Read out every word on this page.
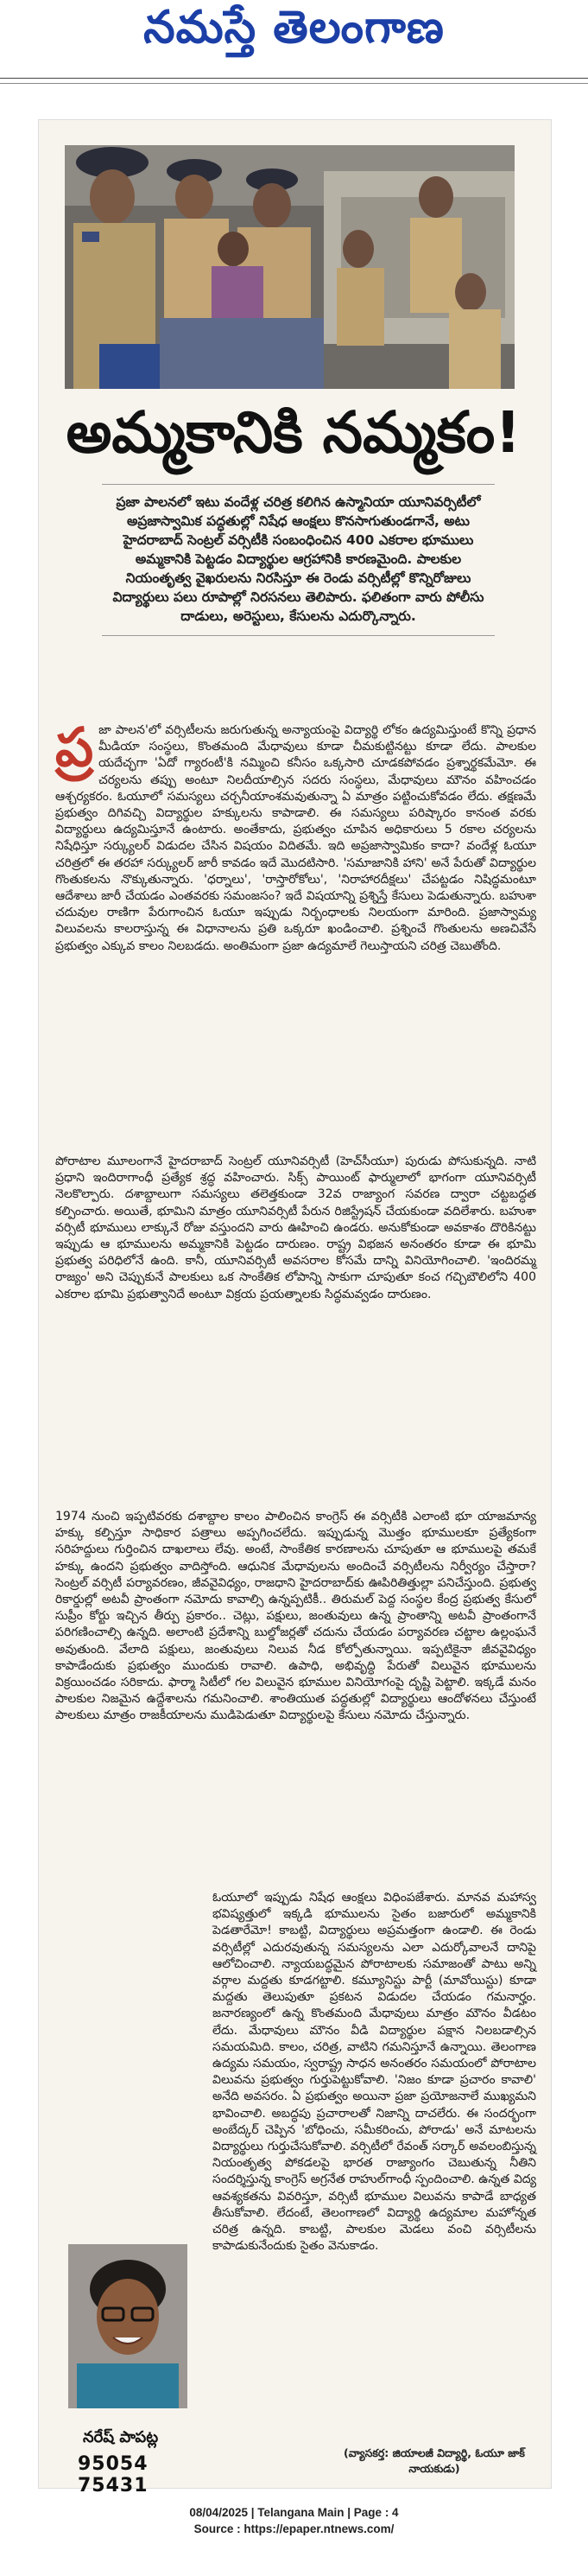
నమస్తే తెలంగాణ
అమ్మకానికి నమ్మకం!
ప్రజా పాలనలో ఇటు వందేళ్ల చరిత్ర కలిగిన ఉస్మానియా యూనివర్సిటీలో అప్రజాస్వామిక పద్ధతుల్లో నిషేధ ఆంక్షలు కొనసాగుతుండగానే, అటు హైదరాబాద్ సెంట్రల్ వర్సిటీకి సంబంధించిన 400 ఎకరాల భూములు అమ్మకానికి పెట్టడం విద్యార్థుల ఆగ్రహానికి కారణమైంది. పాలకుల నియంతృత్వ వైఖరులను నిరసిస్తూ ఈ రెండు వర్సిటీల్లో కొన్నిరోజులు విద్యార్థులు పలు రూపాల్లో నిరసనలు తెలిపారు. ఫలితంగా వారు పోలీసు దాడులు, అరెస్టులు, కేసులను ఎదుర్కొన్నారు.
ప్ర జా పాలన'లో వర్సిటీలను జరుగుతున్న అన్యాయంపై విద్యార్థి లోకం ఉద్యమిస్తుంటే కొన్ని ప్రధాన మీడియా సంస్థలు, కొంతమంది మేధావులు కూడా చీమకుట్టినట్టు కూడా లేదు. పాలకుల యదేచ్ఛగా 'ఏదో గ్యారంటీ'కి నమ్మించి కనీసం ఒక్కసారి చూడకపోవడం ప్రశ్నార్థకమేమో. ఈ చర్యలను తప్పు అంటూ నిలదీయాల్సిన సదరు సంస్థలు, మేధావులు మౌనం వహించడం ఆశ్చర్యకరం. ఓయూలో సమస్యలు చర్చనీయాంశమవుతున్నా ఏ మాత్రం పట్టించుకోవడం లేదు. తక్షణమే ప్రభుత్వం దిగివచ్చి విద్యార్థుల హక్కులను కాపాడాలి. ఈ సమస్యలు పరిష్కారం కానంత వరకు విద్యార్థులు ఉద్యమిస్తూనే ఉంటారు. అంతేకాదు, ప్రభుత్వం చూపిన అధికారులు 5 రకాల చర్యలను నిషేధిస్తూ సర్క్యులర్ విడుదల చేసిన విషయం విదితమే. ఇది అప్రజాస్వామికం కాదా? వందేళ్ల ఓయూ చరిత్రలో ఈ తరహా సర్క్యులర్ జారీ కావడం ఇదే మొదటిసారి. 'సమాజానికి హాని' అనే పేరుతో విద్యార్థుల గొంతుకలను నొక్కుతున్నారు. 'ధర్నాలు', 'రాస్తారోకోలు', 'నిరాహారదీక్షలు' చేపట్టడం నిషిద్ధమంటూ ఆదేశాలు జారీ చేయడం ఎంతవరకు సమంజసం? ఇదే విషయాన్ని ప్రశ్నిస్తే కేసులు పెడుతున్నారు. బహుశా చదువుల రాణిగా పేరుగాంచిన ఓయూ ఇప్పుడు నిర్బంధాలకు నిలయంగా మారింది. ప్రజాస్వామ్య విలువలను కాలరాస్తున్న ఈ విధానాలను ప్రతి ఒక్కరూ ఖండించాలి. ప్రశ్నించే గొంతులను అణచివేసే ప్రభుత్వం ఎక్కువ కాలం నిలబడదు. అంతిమంగా ప్రజా ఉద్యమాలే గెలుస్తాయని చరిత్ర చెబుతోంది.

పోరాటాల మూలంగానే హైదరాబాద్ సెంట్రల్ యూనివర్సిటీ (హెచ్‌సీయూ) పురుడు పోసుకున్నది. నాటి ప్రధాని ఇందిరాగాంధీ ప్రత్యేక శ్రద్ధ వహించారు. సిక్స్ పాయింట్ ఫార్ములాలో భాగంగా యూనివర్సిటీ నెలకొల్పారు. దశాబ్దాలుగా సమస్యలు తలెత్తకుండా 32వ రాజ్యాంగ సవరణ ద్వారా చట్టబద్ధత కల్పించారు. అయితే, భూమిని మాత్రం యూనివర్సిటీ పేరున రిజిస్ట్రేషన్ చేయకుండా వదిలేశారు. బహుశా వర్సిటీ భూములు లాక్కునే రోజు వస్తుందని వారు ఊహించి ఉండరు. అనుకోకుండా అవకాశం దొరికినట్టు ఇప్పుడు ఆ భూములను అమ్మకానికి పెట్టడం దారుణం. రాష్ట్ర విభజన అనంతరం కూడా ఈ భూమి ప్రభుత్వ పరిధిలోనే ఉంది. కానీ, యూనివర్సిటీ అవసరాల కోసమే దాన్ని వినియోగించాలి. 'ఇందిరమ్మ రాజ్యం' అని చెప్పుకునే పాలకులు ఒక సాంకేతిక లోపాన్ని సాకుగా చూపుతూ కంచ గచ్చిబౌలిలోని 400 ఎకరాల భూమి ప్రభుత్వానిదే అంటూ విక్రయ ప్రయత్నాలకు సిద్ధమవ్వడం దారుణం.

1974 నుంచి ఇప్పటివరకు దశాబ్దాల కాలం పాలించిన కాంగ్రెస్ ఈ వర్సిటీకి ఎలాంటి భూ యాజమాన్య హక్కు కల్పిస్తూ సాధికార పత్రాలు అప్పగించలేదు. ఇప్పుడున్న మొత్తం భూములకూ ప్రత్యేకంగా సరిహద్దులు గుర్తించిన దాఖలాలు లేవు. అంటే, సాంకేతిక కారణాలను చూపుతూ ఆ భూములపై తమకే హక్కు ఉందని ప్రభుత్వం వాదిస్తోంది. ఆధునిక మేధావులను అందించే వర్సిటీలను నిర్వీర్యం చేస్తారా? సెంట్రల్ వర్సిటీ పర్యావరణం, జీవవైవిధ్యం, రాజధాని హైదరాబాద్‌కు ఊపిరితిత్తుల్లా పనిచేస్తుంది. ప్రభుత్వ రికార్డుల్లో అటవీ ప్రాంతంగా నమోదు కావాల్సి ఉన్నప్పటికీ.. తిరుమల్ పెద్ద సంస్థల కేంద్ర ప్రభుత్వ కేసులో సుప్రీం కోర్టు ఇచ్చిన తీర్పు ప్రకారం.. చెట్లు, పక్షులు, జంతువులు ఉన్న ప్రాంతాన్ని అటవీ ప్రాంతంగానే పరిగణించాల్సి ఉన్నది. అలాంటి ప్రదేశాన్ని బుల్డోజర్లతో చదును చేయడం పర్యావరణ చట్టాల ఉల్లంఘనే అవుతుంది. వేలాది పక్షులు, జంతువులు నిలువ నీడ కోల్పోతున్నాయి. ఇప్పటికైనా జీవవైవిధ్యం కాపాడేందుకు ప్రభుత్వం ముందుకు రావాలి. ఉపాధి, అభివృద్ధి పేరుతో విలువైన భూములను విక్రయించడం సరికాదు. ఫార్మా సిటీలో గల విలువైన భూముల వినియోగంపై దృష్టి పెట్టాలి. ఇక్కడే మనం పాలకుల నిజమైన ఉద్దేశాలను గమనించాలి. శాంతియుత పద్ధతుల్లో విద్యార్థులు ఆందోళనలు చేస్తుంటే పాలకులు మాత్రం రాజకీయాలను ముడిపెడుతూ విద్యార్థులపై కేసులు నమోదు చేస్తున్నారు.

ఓయూలో ఇప్పుడు నిషేధ ఆంక్షలు విధింపజేశారు. మానవ మహాస్వ భవిష్యత్తులో ఇక్కడి భూములను సైతం బజారులో అమ్మకానికి పెడతారేమో! కాబట్టి, విద్యార్థులు అప్రమత్తంగా ఉండాలి. ఈ రెండు వర్సిటీల్లో ఎదురవుతున్న సమస్యలను ఎలా ఎదుర్కోవాలనే దానిపై ఆలోచించాలి. న్యాయబద్ధమైన పోరాటాలకు సమాజంతో పాటు అన్ని వర్గాల మద్దతు కూడగట్టాలి. కమ్యూనిస్టు పార్టీ (మావోయిస్టు) కూడా మద్దతు తెలుపుతూ ప్రకటన విడుదల చేయడం గమనార్హం. జనారణ్యంలో ఉన్న కొంతమంది మేధావులు మాత్రం మౌనం వీడటం లేదు. మేధావులు మౌనం వీడి విద్యార్థుల పక్షాన నిలబడాల్సిన సమయమిది. కాలం, చరిత్ర, వాటిని గమనిస్తూనే ఉన్నాయి. తెలంగాణ ఉద్యమ సమయం, స్వరాష్ట్ర సాధన అనంతరం సమయంలో పోరాటాల విలువను ప్రభుత్వం గుర్తుపెట్టుకోవాలి. 'నిజం కూడా ప్రచారం కావాలి' అనేది అవసరం. ఏ ప్రభుత్వం అయినా ప్రజా ప్రయోజనాలే ముఖ్యమని భావించాలి. అబద్ధపు ప్రచారాలతో నిజాన్ని దాచలేరు. ఈ సందర్భంగా అంబేద్కర్ చెప్పిన 'బోధించు, సమీకరించు, పోరాడు' అనే మాటలను విద్యార్థులు గుర్తుచేసుకోవాలి. వర్సిటీలో రేవంత్ సర్కార్ అవలంబిస్తున్న నియంతృత్వ పోకడలపై భారత రాజ్యాంగం చెబుతున్న నీతిని సందర్శిస్తున్న కాంగ్రెస్ అగ్రనేత రాహుల్‌గాంధీ స్పందించాలి. ఉన్నత విద్య ఆవశ్యకతను వివరిస్తూ, వర్సిటీ భూముల విలువను కాపాడే బాధ్యత తీసుకోవాలి. లేదంటే, తెలంగాణలో విద్యార్థి ఉద్యమాల మహోన్నత చరిత్ర ఉన్నది. కాబట్టి, పాలకుల మెడలు వంచి వర్సిటీలను కాపాడుకునేందుకు సైతం వెనుకాడం.

నరేష్ పాపట్ల
95054 75431
(వ్యాసకర్త: జియాలజీ విద్యార్థి, ఓయూ జాక్ నాయకుడు)
08/04/2025 | Telangana Main | Page : 4
Source : https://epaper.ntnews.com/
